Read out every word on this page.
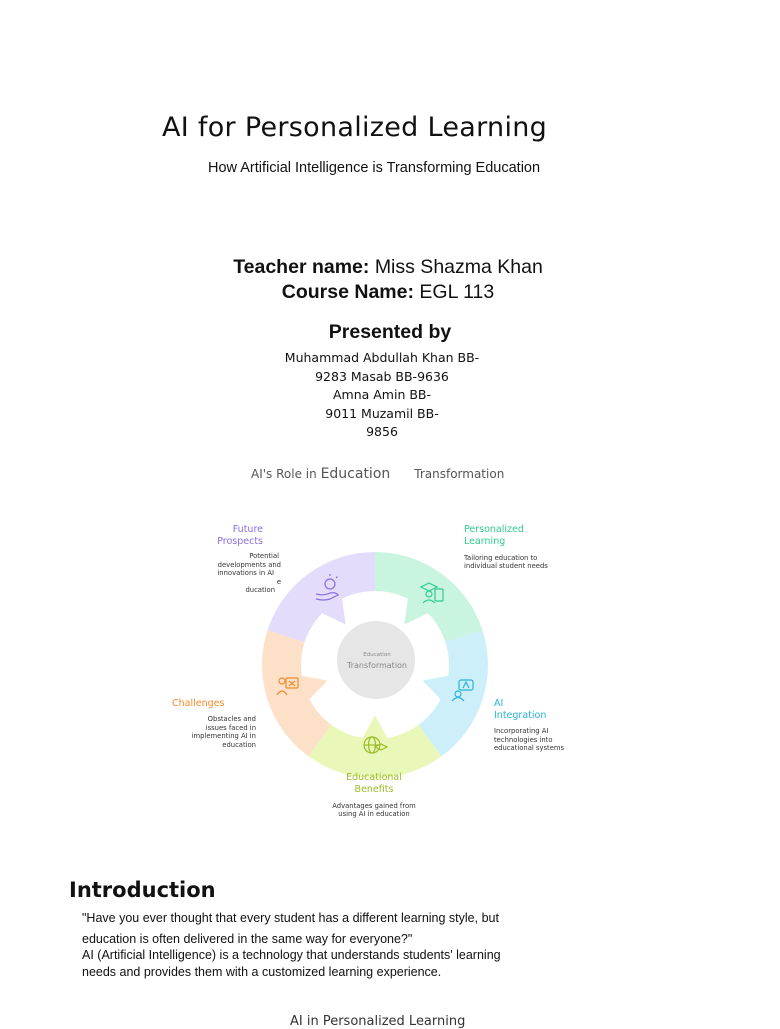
AI for Personalized Learning
How Artificial Intelligence is Transforming Education
Teacher name: Miss Shazma Khan
Course Name: EGL 113
Presented by
Muhammad Abdullah Khan BB-
9283 Masab BB-9636
Amna Amin BB-
9011 Muzamil BB-
9856
AI's Role in Education Transformation
Education
Transformation
Personalized
Learning
Tailoring education to
individual student needs
AI
Integration
Incorporating AI
technologies into
educational systems
Educational
Benefits
Advantages gained from
using AI in education
Challenges
Obstacles and
issues faced in
implementing AI in
education
Future
Prospects
Potential
developments and
innovations in AI
e
ducation
Introduction
"Have you ever thought that every student has a different learning style, but
education is often delivered in the same way for everyone?"
AI (Artificial Intelligence) is a technology that understands students' learning
needs and provides them with a customized learning experience.
AI in Personalized Learning
